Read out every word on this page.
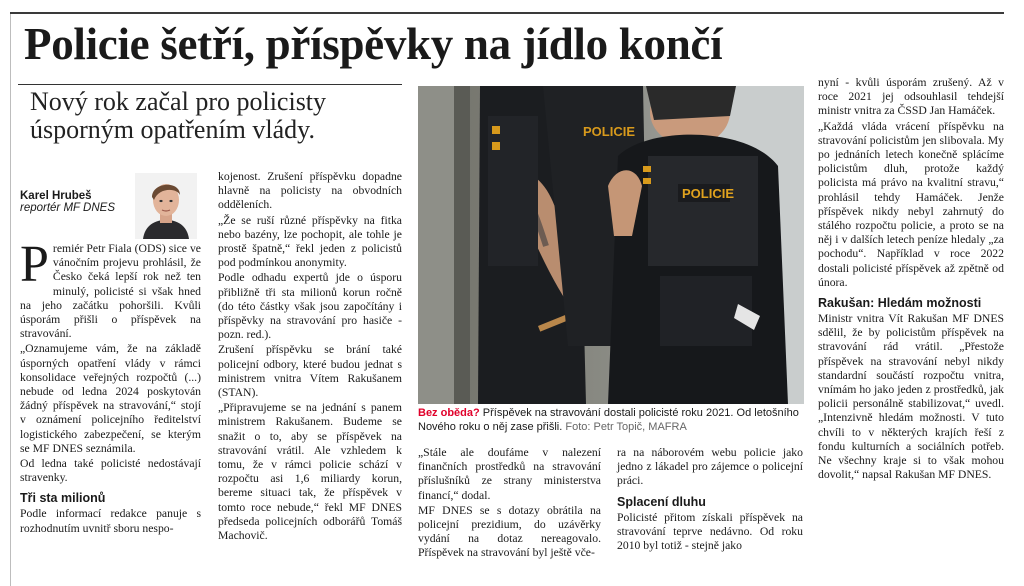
Policie šetří, příspěvky na jídlo končí
Nový rok začal pro policisty úsporným opatřením vlády.
Karel Hrubeš
reportér MF DNES

Premiér Petr Fiala (ODS) sice ve vánočním projevu prohlásil, že Česko čeká lepší rok než ten minulý, policisté si však hned na jeho začátku pohoršili. Kvůli úsporám přišli o příspěvek na stravování.

„Oznamujeme vám, že na základě úsporných opatření vlády v rámci konsolidace veřejných rozpočtů (...) nebude od ledna 2024 poskytován žádný příspěvek na stravování,“ stojí v oznámení policejního ředitelství logistického zabezpečení, se kterým se MF DNES seznámila.

Od ledna také policisté nedostávají stravenky.

Tři sta milionů

Podle informací redakce panuje s rozhodnutím uvnitř sboru nespo-

kojenost. Zrušení příspěvku dopadne hlavně na policisty na obvodních odděleních.

„Že se ruší různé příspěvky na fitka nebo bazény, lze pochopit, ale tohle je prostě špatně,“ řekl jeden z policistů pod podmínkou anonymity.

Podle odhadu expertů jde o úsporu přibližně tři sta milionů korun ročně (do této částky však jsou započítány i příspěvky na stravování pro hasiče - pozn. red.).

Zrušení příspěvku se brání také policejní odbory, které budou jednat s ministrem vnitra Vítem Rakušanem (STAN).

„Připravujeme se na jednání s panem ministrem Rakušanem. Budeme se snažit o to, aby se příspěvek na stravování vrátil. Ale vzhledem k tomu, že v rámci policie schází v rozpočtu asi 1,6 miliardy korun, bereme situaci tak, že příspěvek v tomto roce nebude,“ řekl MF DNES předseda policejních odborářů Tomáš Machovič.

POLICIE
POLICIE
Bez oběda? Příspěvek na stravování dostali policisté roku 2021. Od letošního Nového roku o něj zase přišli. Foto: Petr Topič, MAFRA

„Stále ale doufáme v nalezení finančních prostředků na stravování příslušníků ze strany ministerstva financí,“ dodal.

MF DNES se s dotazy obrátila na policejní prezidium, do uzávěrky vydání na dotaz nereagovalo. Příspěvek na stravování byl ještě vče-

ra na náborovém webu policie jako jedno z lákadel pro zájemce o policejní práci.

Splacení dluhu

Policisté přitom získali příspěvek na stravování teprve nedávno. Od roku 2010 byl totiž - stejně jako

nyní - kvůli úsporám zrušený. Až v roce 2021 jej odsouhlasil tehdejší ministr vnitra za ČSSD Jan Hamáček.

„Každá vláda vrácení příspěvku na stravování policistům jen slibovala. My po jednáních letech konečně splácíme policistům dluh, protože každý policista má právo na kvalitní stravu,“ prohlásil tehdy Hamáček. Jenže příspěvek nikdy nebyl zahrnutý do stálého rozpočtu policie, a proto se na něj i v dalších letech peníze hledaly „za pochodu“. Například v roce 2022 dostali policisté příspěvek až zpětně od února.

Rakušan: Hledám možnosti

Ministr vnitra Vít Rakušan MF DNES sdělil, že by policistům příspěvek na stravování rád vrátil. „Přestože příspěvek na stravování nebyl nikdy standardní součástí rozpočtu vnitra, vnímám ho jako jeden z prostředků, jak policii personálně stabilizovat,“ uvedl. „Intenzivně hledám možnosti. V tuto chvíli to v některých krajích řeší z fondu kulturních a sociálních potřeb. Ne všechny kraje si to však mohou dovolit,“ napsal Rakušan MF DNES.
